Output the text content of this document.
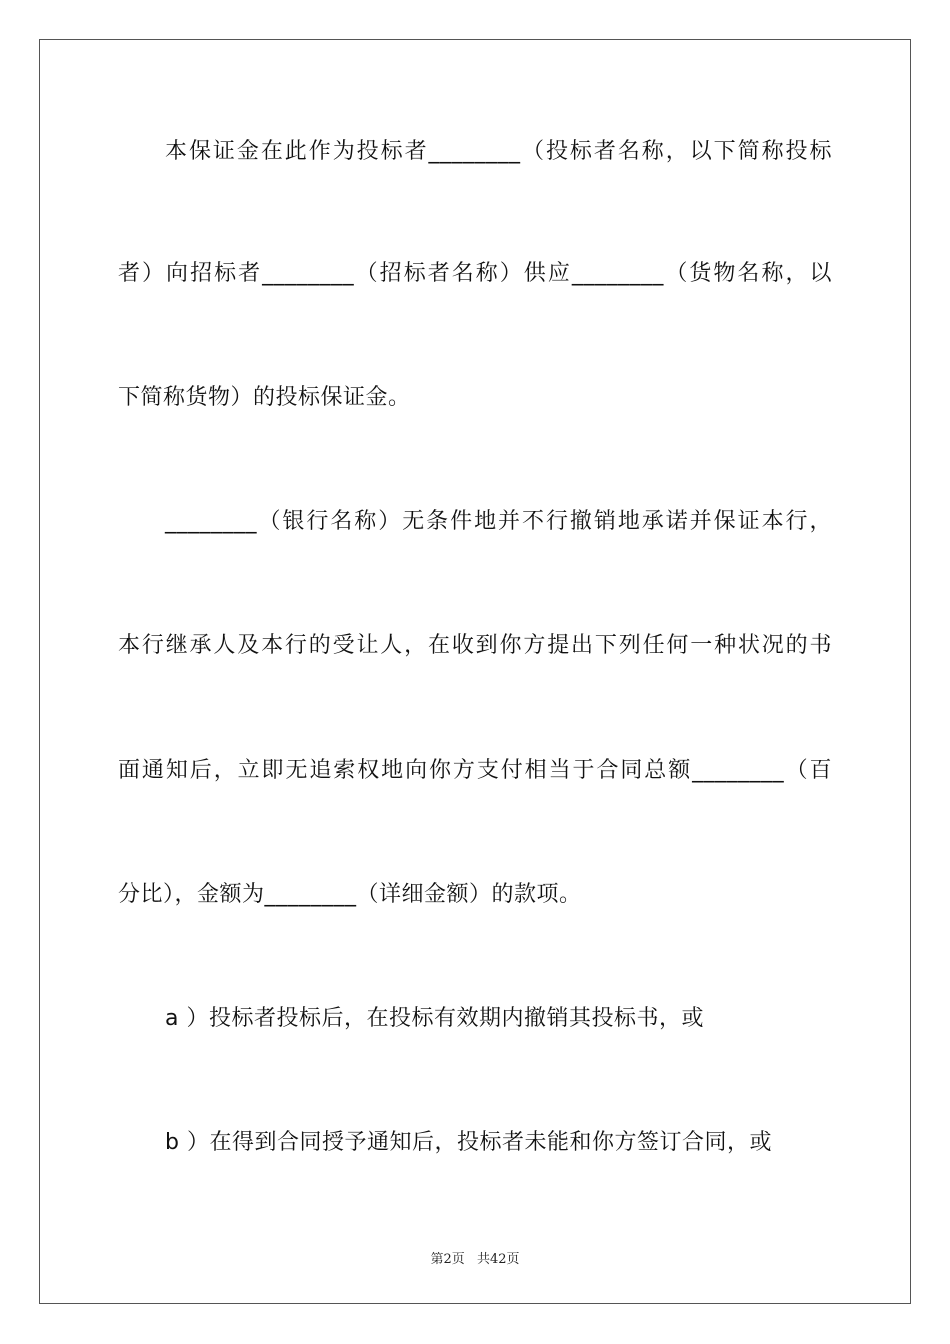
本保证金在此作为投标者________（投标者名称，以下简称投标
者）向招标者________（招标者名称）供应________（货物名称，以
下简称货物）的投标保证金。
________（银行名称）无条件地并不行撤销地承诺并保证本行，
本行继承人及本行的受让人，在收到你方提出下列任何一种状况的书
面通知后，立即无追索权地向你方支付相当于合同总额________（百
分比），金额为________（详细金额）的款项。
a ）投标者投标后，在投标有效期内撤销其投标书，或
b ）在得到合同授予通知后，投标者未能和你方签订合同，或
第2页 共42页
